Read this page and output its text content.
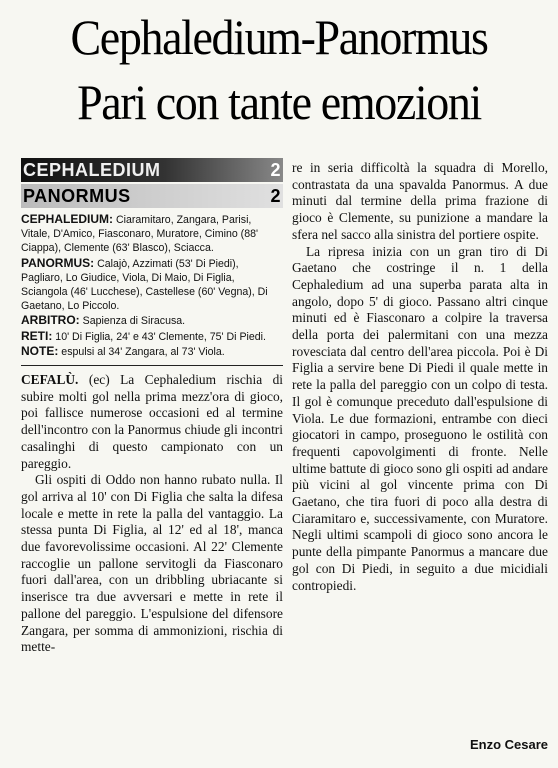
Cephaledium-Panormus
Pari con tante emozioni
CEPHALEDIUM	2
PANORMUS	2

CEPHALEDIUM: Ciaramitaro, Zangara, Parisi, Vitale, D'Amico, Fiasconaro, Muratore, Cimino (88' Ciappa), Clemente (63' Blasco), Sciacca.

PANORMUS: Calajò, Azzimati (53' Di Piedi), Pagliaro, Lo Giudice, Viola, Di Maio, Di Figlia, Sciangola (46' Lucchese), Castellese (60' Vegna), Di Gaetano, Lo Piccolo.

ARBITRO: Sapienza di Siracusa.

RETI: 10' Di Figlia, 24' e 43' Clemente, 75' Di Piedi.

NOTE: espulsi al 34' Zangara, al 73' Viola.

CEFALÙ. (ec) La Cephaledium rischia di subire molti gol nella prima mezz'ora di gioco, poi fallisce numerose occasioni ed al termine dell'incontro con la Panormus chiude gli incontri casalinghi di questo campionato con un pareggio.

Gli ospiti di Oddo non hanno rubato nulla. Il gol arriva al 10' con Di Figlia che salta la difesa locale e mette in rete la palla del vantaggio. La stessa punta Di Figlia, al 12' ed al 18', manca due favorevolissime occasioni. Al 22' Clemente raccoglie un pallone servitogli da Fiasconaro fuori dall'area, con un dribbling ubriacante si inserisce tra due avversari e mette in rete il pallone del pareggio. L'espulsione del difensore Zangara, per somma di ammonizioni, rischia di mette-

re in seria difficoltà la squadra di Morello, contrastata da una spavalda Panormus. A due minuti dal termine della prima frazione di gioco è Clemente, su punizione a mandare la sfera nel sacco alla sinistra del portiere ospite.

La ripresa inizia con un gran tiro di Di Gaetano che costringe il n. 1 della Cephaledium ad una superba parata alta in angolo, dopo 5' di gioco. Passano altri cinque minuti ed è Fiasconaro a colpire la traversa della porta dei palermitani con una mezza rovesciata dal centro dell'area piccola. Poi è Di Figlia a servire bene Di Piedi il quale mette in rete la palla del pareggio con un colpo di testa. Il gol è comunque preceduto dall'espulsione di Viola. Le due formazioni, entrambe con dieci giocatori in campo, proseguono le ostilità con frequenti capovolgimenti di fronte. Nelle ultime battute di gioco sono gli ospiti ad andare più vicini al gol vincente prima con Di Gaetano, che tira fuori di poco alla destra di Ciaramitaro e, successivamente, con Muratore. Negli ultimi scampoli di gioco sono ancora le punte della pimpante Panormus a mancare due gol con Di Piedi, in seguito a due micidiali contropiedi.

Enzo Cesare
